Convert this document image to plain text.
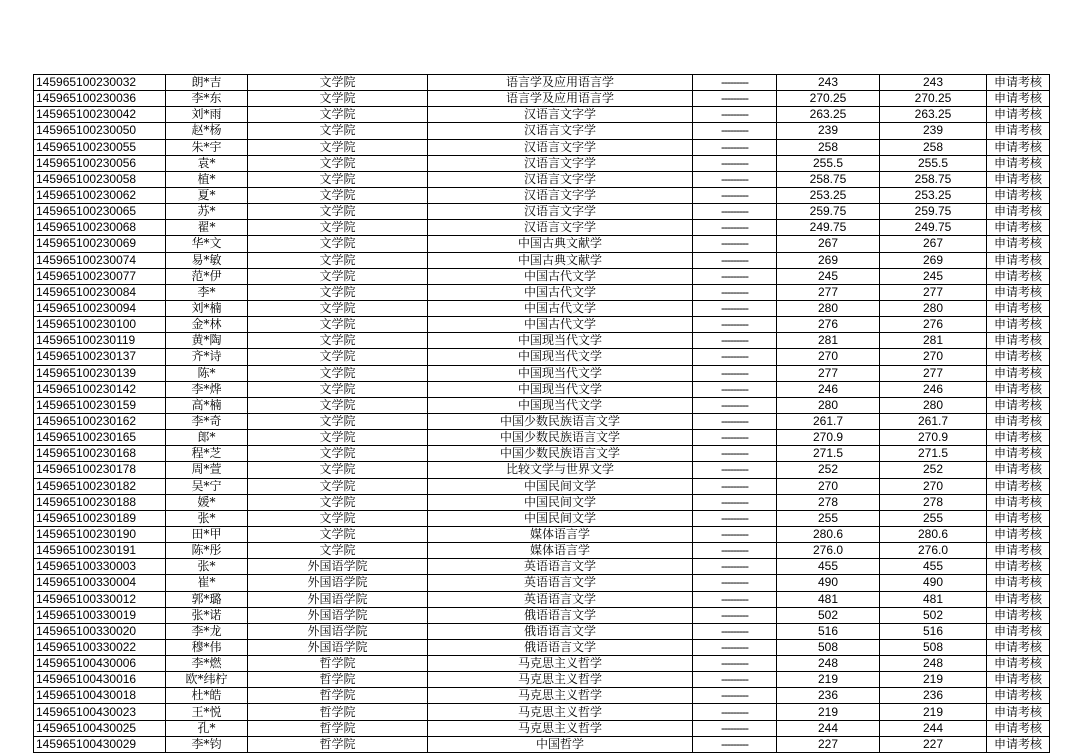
145965100230032	朗*吉	文学院	语言学及应用语言学	---------	243	243	申请考核
145965100230036	李*东	文学院	语言学及应用语言学	---------	270.25	270.25	申请考核
145965100230042	刘*雨	文学院	汉语言文字学	---------	263.25	263.25	申请考核
145965100230050	赵*杨	文学院	汉语言文字学	---------	239	239	申请考核
145965100230055	朱*宇	文学院	汉语言文字学	---------	258	258	申请考核
145965100230056	袁*	文学院	汉语言文字学	---------	255.5	255.5	申请考核
145965100230058	植*	文学院	汉语言文字学	---------	258.75	258.75	申请考核
145965100230062	夏*	文学院	汉语言文字学	---------	253.25	253.25	申请考核
145965100230065	苏*	文学院	汉语言文字学	---------	259.75	259.75	申请考核
145965100230068	翟*	文学院	汉语言文字学	---------	249.75	249.75	申请考核
145965100230069	华*文	文学院	中国古典文献学	---------	267	267	申请考核
145965100230074	易*敏	文学院	中国古典文献学	---------	269	269	申请考核
145965100230077	范*伊	文学院	中国古代文学	---------	245	245	申请考核
145965100230084	李*	文学院	中国古代文学	---------	277	277	申请考核
145965100230094	刘*楠	文学院	中国古代文学	---------	280	280	申请考核
145965100230100	金*林	文学院	中国古代文学	---------	276	276	申请考核
145965100230119	黄*陶	文学院	中国现当代文学	---------	281	281	申请考核
145965100230137	齐*诗	文学院	中国现当代文学	---------	270	270	申请考核
145965100230139	陈*	文学院	中国现当代文学	---------	277	277	申请考核
145965100230142	李*烨	文学院	中国现当代文学	---------	246	246	申请考核
145965100230159	高*楠	文学院	中国现当代文学	---------	280	280	申请考核
145965100230162	李*奇	文学院	中国少数民族语言文学	---------	261.7	261.7	申请考核
145965100230165	郎*	文学院	中国少数民族语言文学	---------	270.9	270.9	申请考核
145965100230168	程*芝	文学院	中国少数民族语言文学	---------	271.5	271.5	申请考核
145965100230178	周*萱	文学院	比较文学与世界文学	---------	252	252	申请考核
145965100230182	吴*宁	文学院	中国民间文学	---------	270	270	申请考核
145965100230188	媛*	文学院	中国民间文学	---------	278	278	申请考核
145965100230189	张*	文学院	中国民间文学	---------	255	255	申请考核
145965100230190	田*甲	文学院	媒体语言学	---------	280.6	280.6	申请考核
145965100230191	陈*彤	文学院	媒体语言学	---------	276.0	276.0	申请考核
145965100330003	张*	外国语学院	英语语言文学	---------	455	455	申请考核
145965100330004	崔*	外国语学院	英语语言文学	---------	490	490	申请考核
145965100330012	郭*璐	外国语学院	英语语言文学	---------	481	481	申请考核
145965100330019	张*诺	外国语学院	俄语语言文学	---------	502	502	申请考核
145965100330020	李*龙	外国语学院	俄语语言文学	---------	516	516	申请考核
145965100330022	穆*伟	外国语学院	俄语语言文学	---------	508	508	申请考核
145965100430006	李*燃	哲学院	马克思主义哲学	---------	248	248	申请考核
145965100430016	欧*纬柠	哲学院	马克思主义哲学	---------	219	219	申请考核
145965100430018	杜*皓	哲学院	马克思主义哲学	---------	236	236	申请考核
145965100430023	王*悦	哲学院	马克思主义哲学	---------	219	219	申请考核
145965100430025	孔*	哲学院	马克思主义哲学	---------	244	244	申请考核
145965100430029	李*钧	哲学院	中国哲学	---------	227	227	申请考核
